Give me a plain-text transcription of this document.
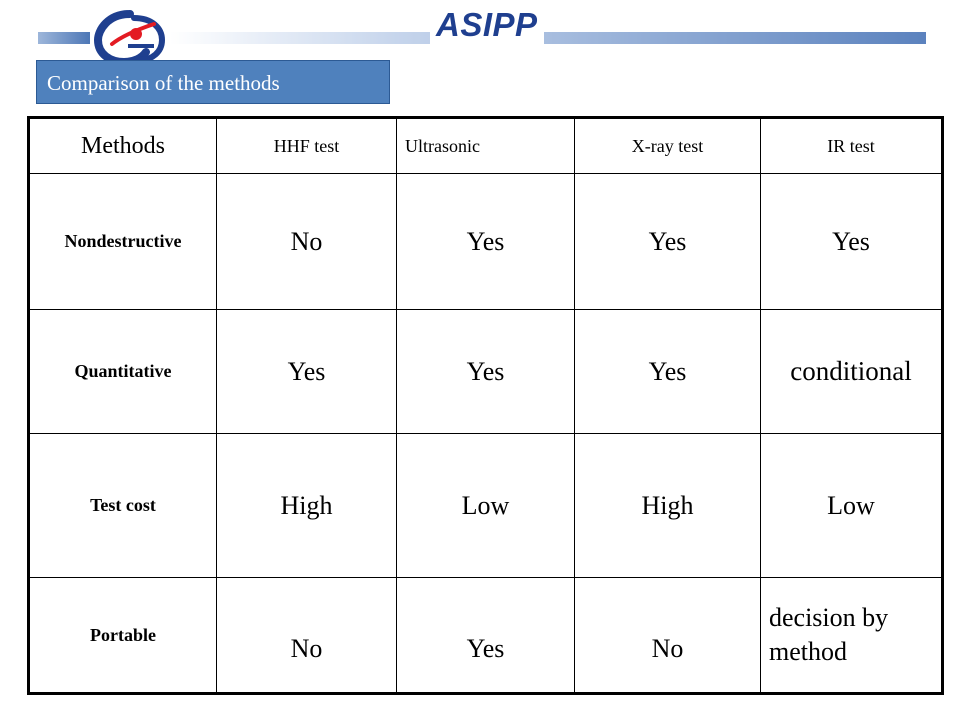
ASIPP
Comparison of the methods
Methods	HHF test	Ultrasonic	X-ray test	IR test
Nondestructive	No	Yes	Yes	Yes
Quantitative	Yes	Yes	Yes	conditional
Test cost	High	Low	High	Low
Portable	No	Yes	No	decision by method
